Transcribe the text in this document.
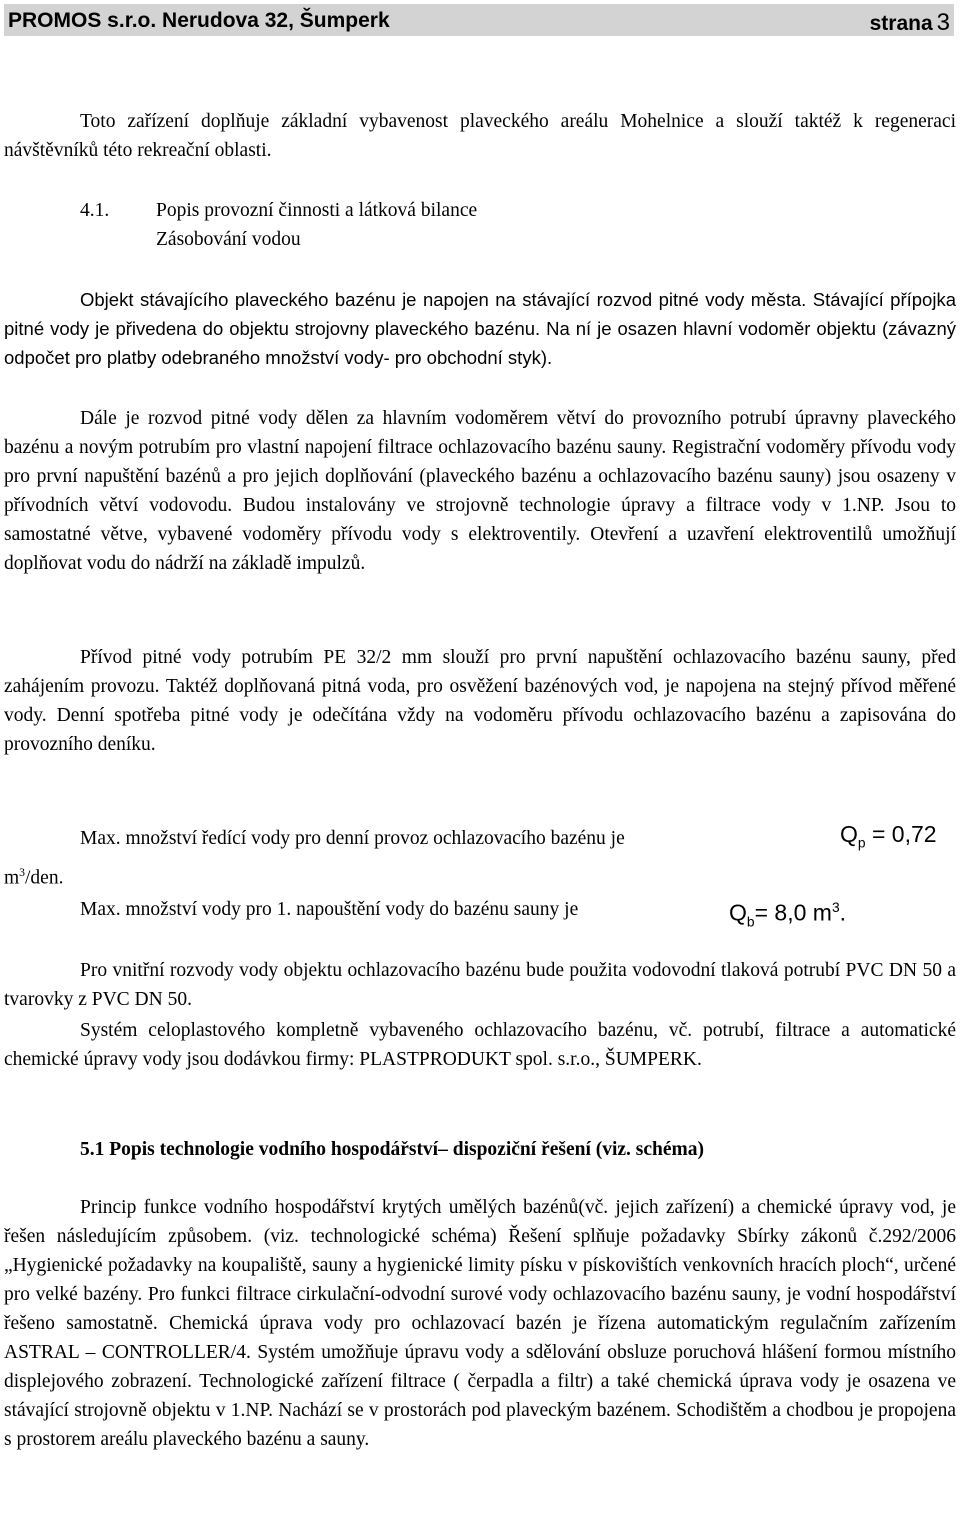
PROMOS s.r.o. Nerudova 32, Šumperk	strana 3

Toto zařízení doplňuje základní vybavenost plaveckého areálu Mohelnice a slouží taktéž k regeneraci návštěvníků této rekreační oblasti.

4.1. Popis provozní činnosti a látková bilance
Zásobování vodou

Objekt stávajícího plaveckého bazénu je napojen na stávající rozvod pitné vody města. Stávající přípojka pitné vody je přivedena do objektu strojovny plaveckého bazénu. Na ní je osazen hlavní vodoměr objektu (závazný odpočet pro platby odebraného množství vody- pro obchodní styk).

Dále je rozvod pitné vody dělen za hlavním vodoměrem větví do provozního potrubí úpravny plaveckého bazénu a novým potrubím pro vlastní napojení filtrace ochlazovacího bazénu sauny. Registrační vodoměry přívodu vody pro první napuštění bazénů a pro jejich doplňování (plaveckého bazénu a ochlazovacího bazénu sauny) jsou osazeny v přívodních větví vodovodu. Budou instalovány ve strojovně technologie úpravy a filtrace vody v 1.NP. Jsou to samostatné větve, vybavené vodoměry přívodu vody s elektroventily. Otevření a uzavření elektroventilů umožňují doplňovat vodu do nádrží na základě impulzů.

Přívod pitné vody potrubím PE 32/2 mm slouží pro první napuštění ochlazovacího bazénu sauny, před zahájením provozu. Taktéž doplňovaná pitná voda, pro osvěžení bazénových vod, je napojena na stejný přívod měřené vody. Denní spotřeba pitné vody je odečítána vždy na vodoměru přívodu ochlazovacího bazénu a zapisována do provozního deníku.

Max. množství ředící vody pro denní provoz ochlazovacího bazénu je	$Q_p = 0,72$
$m^3$/den.
Max. množství vody pro 1. napouštění vody do bazénu sauny je	$Q_b= 8,0$ $m^3$.

Pro vnitřní rozvody vody objektu ochlazovacího bazénu bude použita vodovodní tlaková potrubí PVC DN 50 a tvarovky z PVC DN 50.

Systém celoplastového kompletně vybaveného ochlazovacího bazénu, vč. potrubí, filtrace a automatické chemické úpravy vody jsou dodávkou firmy: PLASTPRODUKT spol. s.r.o., ŠUMPERK.

5.1 Popis technologie vodního hospodářství– dispoziční řešení (viz. schéma)

Princip funkce vodního hospodářství krytých umělých bazénů(vč. jejich zařízení) a chemické úpravy vod, je řešen následujícím způsobem. (viz. technologické schéma) Řešení splňuje požadavky Sbírky zákonů č.292/2006 „Hygienické požadavky na koupaliště, sauny a hygienické limity písku v pískovištích venkovních hracích ploch“, určené pro velké bazény. Pro funkci filtrace cirkulační-odvodní surové vody ochlazovacího bazénu sauny, je vodní hospodářství řešeno samostatně. Chemická úprava vody pro ochlazovací bazén je řízena automatickým regulačním zařízením ASTRAL – CONTROLLER/4. Systém umožňuje úpravu vody a sdělování obsluze poruchová hlášení formou místního displejového zobrazení. Technologické zařízení filtrace ( čerpadla a filtr) a také chemická úprava vody je osazena ve stávající strojovně objektu v 1.NP. Nachází se v prostorách pod plaveckým bazénem. Schodištěm a chodbou je propojena s prostorem areálu plaveckého bazénu a sauny.
